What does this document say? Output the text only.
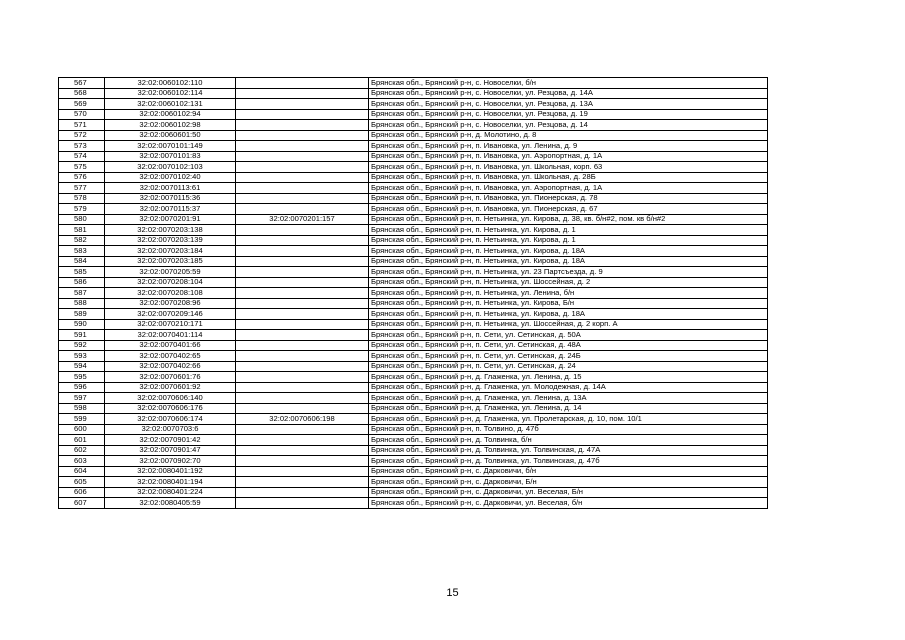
567	32:02:0060102:110		Брянская обл., Брянский р-н, с. Новоселки, б/н
568	32:02:0060102:114		Брянская обл., Брянский р-н, с. Новоселки, ул. Резцова, д. 14А
569	32:02:0060102:131		Брянская обл., Брянский р-н, с. Новоселки, ул. Резцова, д. 13А
570	32:02:0060102:94		Брянская обл., Брянский р-н, с. Новоселки, ул. Резцова, д. 19
571	32:02:0060102:98		Брянская обл., Брянский р-н, с. Новоселки, ул. Резцова, д. 14
572	32:02:0060601:50		Брянская обл., Брянский р-н, д. Молотино, д. 8
573	32:02:0070101:149		Брянская обл., Брянский р-н, п. Ивановка, ул. Ленина, д. 9
574	32:02:0070101:83		Брянская обл., Брянский р-н, п. Ивановка, ул. Аэропортная, д. 1А
575	32:02:0070102:103		Брянская обл., Брянский р-н, п. Ивановка, ул. Школьная, корп. 63
576	32:02:0070102:40		Брянская обл., Брянский р-н, п. Ивановка, ул. Школьная, д. 28Б
577	32:02:0070113:61		Брянская обл., Брянский р-н, п. Ивановка, ул. Аэропортная, д. 1А
578	32:02:0070115:36		Брянская обл., Брянский р-н, п. Ивановка, ул. Пионерская, д. 78
579	32:02:0070115:37		Брянская обл., Брянский р-н, п. Ивановка, ул. Пионерская, д. 67
580	32:02:0070201:91	32:02:0070201:157	Брянская обл., Брянский р-н, п. Нетьинка, ул. Кирова, д. 38, кв. б/н#2, пом. кв б/н#2
581	32:02:0070203:138		Брянская обл., Брянский р-н, п. Нетьинка, ул. Кирова, д. 1
582	32:02:0070203:139		Брянская обл., Брянский р-н, п. Нетьинка, ул. Кирова, д. 1
583	32:02:0070203:184		Брянская обл., Брянский р-н, п. Нетьинка, ул. Кирова, д. 18А
584	32:02:0070203:185		Брянская обл., Брянский р-н, п. Нетьинка, ул. Кирова, д. 18А
585	32:02:0070205:59		Брянская обл., Брянский р-н, п. Нетьинка, ул. 23 Партсъезда, д. 9
586	32:02:0070208:104		Брянская обл., Брянский р-н, п. Нетьинка, ул. Шоссейная, д. 2
587	32:02:0070208:108		Брянская обл., Брянский р-н, п. Нетьинка, ул. Ленина, б/н
588	32:02:0070208:96		Брянская обл., Брянский р-н, п. Нетьинка, ул. Кирова, Б/н
589	32:02:0070209:146		Брянская обл., Брянский р-н, п. Нетьинка, ул. Кирова, д. 18А
590	32:02:0070210:171		Брянская обл., Брянский р-н, п. Нетьинка, ул. Шоссейная, д. 2 корп. А
591	32:02:0070401:114		Брянская обл., Брянский р-н, п. Сети, ул. Сетинская, д. 50А
592	32:02:0070401:66		Брянская обл., Брянский р-н, п. Сети, ул. Сетинская, д. 48А
593	32:02:0070402:65		Брянская обл., Брянский р-н, п. Сети, ул. Сетинская, д. 24Б
594	32:02:0070402:66		Брянская обл., Брянский р-н, п. Сети, ул. Сетинская, д. 24
595	32:02:0070601:76		Брянская обл., Брянский р-н, д. Глаженка, ул. Ленина, д. 15
596	32:02:0070601:92		Брянская обл., Брянский р-н, д. Глаженка, ул. Молодежная, д. 14А
597	32:02:0070606:140		Брянская обл., Брянский р-н, д. Глаженка, ул. Ленина, д. 13А
598	32:02:0070606:176		Брянская обл., Брянский р-н, д. Глаженка, ул. Ленина, д. 14
599	32:02:0070606:174	32:02:0070606:198	Брянская обл., Брянский р-н, д. Глаженка, ул. Пролетарская, д. 10, пом. 10/1
600	32:02:0070703:6		Брянская обл., Брянский р-н, п. Толвино, д. 47б
601	32:02:0070901:42		Брянская обл., Брянский р-н, д. Толвинка, б/н
602	32:02:0070901:47		Брянская обл., Брянский р-н, д. Толвинка, ул. Толвинская, д. 47А
603	32:02:0070902:70		Брянская обл., Брянский р-н, д. Толвинка, ул. Толвинская, д. 47б
604	32:02:0080401:192		Брянская обл., Брянский р-н, с. Дарковичи, б/н
605	32:02:0080401:194		Брянская обл., Брянский р-н, с. Дарковичи, Б/н
606	32:02:0080401:224		Брянская обл., Брянский р-н, с. Дарковичи, ул. Веселая, Б/н
607	32:02:0080405:59		Брянская обл., Брянский р-н, с. Дарковичи, ул. Веселая, б/н
15
